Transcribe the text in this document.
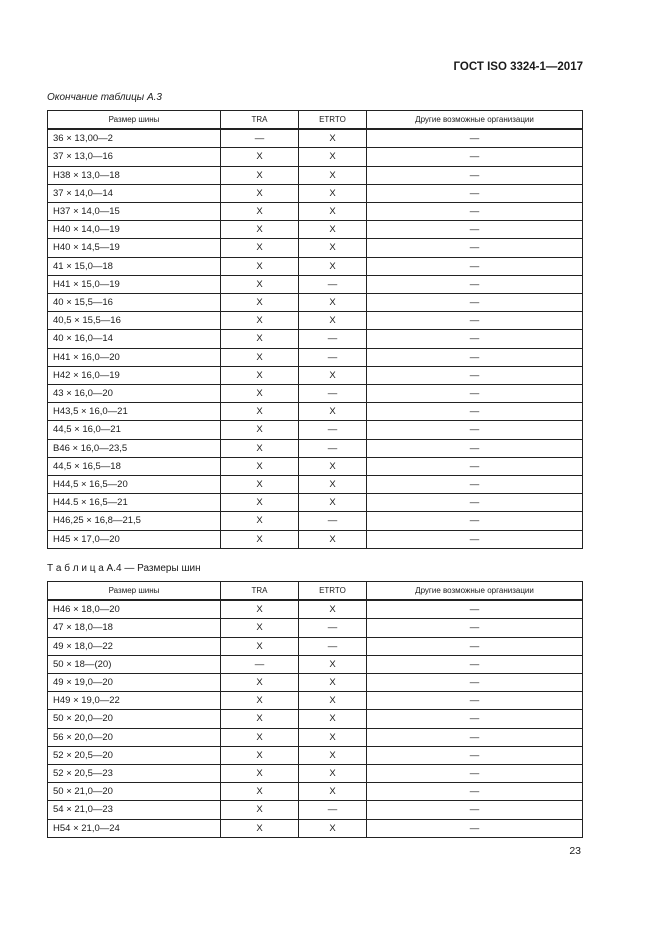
ГОСТ ISO 3324-1—2017
Окончание таблицы А.3
Размер шины	TRA	ETRTO	Другие возможные организации
36 × 13,00—2	—	X	—
37 × 13,0—16	X	X	—
H38 × 13,0—18	X	X	—
37 × 14,0—14	X	X	—
H37 × 14,0—15	X	X	—
H40 × 14,0—19	X	X	—
H40 × 14,5—19	X	X	—
41 × 15,0—18	X	X	—
H41 × 15,0—19	X	—	—
40 × 15,5—16	X	X	—
40,5 × 15,5—16	X	X	—
40 × 16,0—14	X	—	—
H41 × 16,0—20	X	—	—
H42 × 16,0—19	X	X	—
43 × 16,0—20	X	—	—
H43,5 × 16,0—21	X	X	—
44,5 × 16,0—21	X	—	—
B46 × 16,0—23,5	X	—	—
44,5 × 16,5—18	X	X	—
H44,5 × 16,5—20	X	X	—
H44.5 × 16,5—21	X	X	—
H46,25 × 16,8—21,5	X	—	—
H45 × 17,0—20	X	X	—
Т а б л и ц а А.4 — Размеры шин
Размер шины	TRA	ETRTO	Другие возможные организации
H46 × 18,0—20	X	X	—
47 × 18,0—18	X	—	—
49 × 18,0—22	X	—	—
50 × 18—(20)	—	X	—
49 × 19,0—20	X	X	—
H49 × 19,0—22	X	X	—
50 × 20,0—20	X	X	—
56 × 20,0—20	X	X	—
52 × 20,5—20	X	X	—
52 × 20,5—23	X	X	—
50 × 21,0—20	X	X	—
54 × 21,0—23	X	—	—
H54 × 21,0—24	X	X	—
23
